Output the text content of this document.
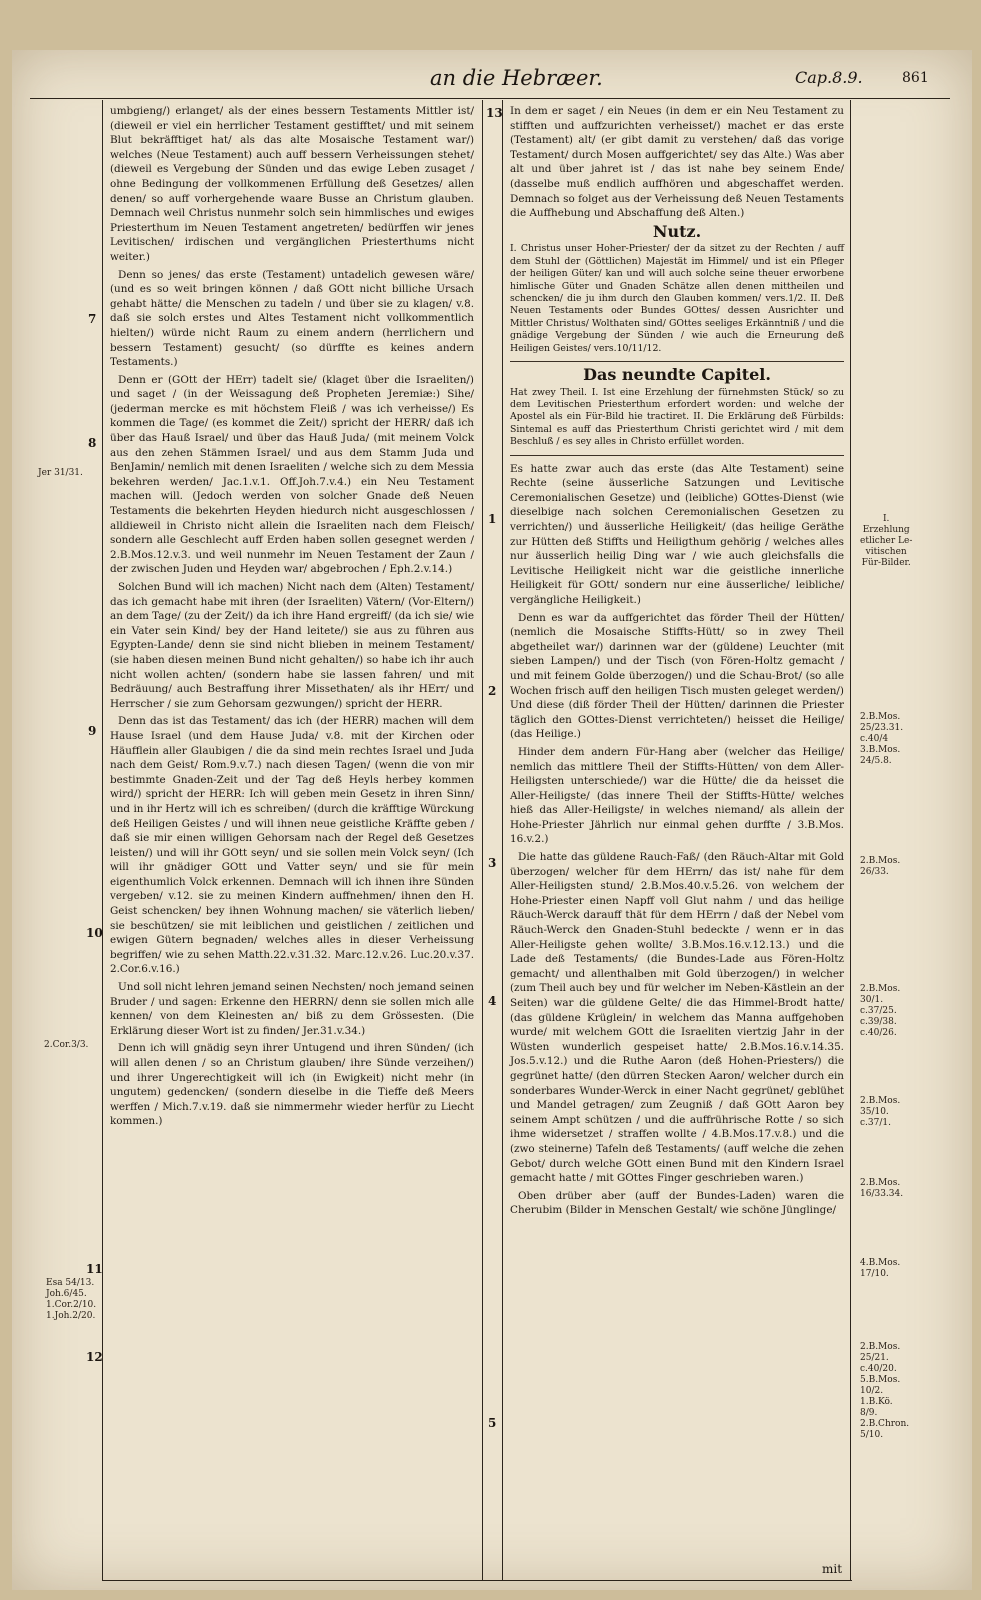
an die Hebræer.	Cap.8.9.	861
Jer 31/31.
2.Cor.3/3.
Esa 54/13.
Joh.6/45.
1.Cor.2/10.
1.Joh.2/20.
I.
Erzehlung
etlicher Le-
vitischen
Für-Bilder.
2.B.Mos.
25/23.31.
c.40/4
3.B.Mos.
24/5.8.
2.B.Mos.
26/33.
2.B.Mos.
30/1.
c.37/25.
c.39/38.
c.40/26.
2.B.Mos.
35/10.
c.37/1.
2.B.Mos.
16/33.34.
4.B.Mos.
17/10.
2.B.Mos.
25/21.
c.40/20.
5.B.Mos.
10/2.
1.B.Kö.
8/9.
2.B.Chron.
5/10.
7
8
9
10
11
12
13
1
2
3
4
5

umbgieng/) erlanget/ als der eines bessern Testaments Mittler ist/ (dieweil er viel ein herrlicher Testament gestifftet/ und mit seinem Blut bekräfftiget hat/ als das alte Mosaische Testament war/) welches (Neue Testament) auch auff bessern Verheissungen stehet/ (dieweil es Vergebung der Sünden und das ewige Leben zusaget / ohne Bedingung der vollkommenen Erfüllung deß Gesetzes/ allen denen/ so auff vorhergehende waare Busse an Christum glauben. Demnach weil Christus nunmehr solch sein himmlisches und ewiges Priesterthum im Neuen Testament angetreten/ bedürffen wir jenes Levitischen/ irdischen und vergänglichen Priesterthums nicht weiter.)

Denn so jenes/ das erste (Testament) untadelich gewesen wäre/ (und es so weit bringen können / daß GOtt nicht billiche Ursach gehabt hätte/ die Menschen zu tadeln / und über sie zu klagen/ v.8. daß sie solch erstes und Altes Testament nicht vollkommentlich hielten/) würde nicht Raum zu einem andern (herrlichern und bessern Testament) gesucht/ (so dürffte es keines andern Testaments.)

Denn er (GOtt der HErr) tadelt sie/ (klaget über die Israeliten/) und saget / (in der Weissagung deß Propheten Jeremiæ:) Sihe/ (jederman mercke es mit höchstem Fleiß / was ich verheisse/) Es kommen die Tage/ (es kommet die Zeit/) spricht der HERR/ daß ich über das Hauß Israel/ und über das Hauß Juda/ (mit meinem Volck aus den zehen Stämmen Israel/ und aus dem Stamm Juda und BenJamin/ nemlich mit denen Israeliten / welche sich zu dem Messia bekehren werden/ Jac.1.v.1. Off.Joh.7.v.4.) ein Neu Testament machen will. (Jedoch werden von solcher Gnade deß Neuen Testaments die bekehrten Heyden hiedurch nicht ausgeschlossen / alldieweil in Christo nicht allein die Israeliten nach dem Fleisch/ sondern alle Geschlecht auff Erden haben sollen gesegnet werden / 2.B.Mos.12.v.3. und weil nunmehr im Neuen Testament der Zaun / der zwischen Juden und Heyden war/ abgebrochen / Eph.2.v.14.)

Solchen Bund will ich machen) Nicht nach dem (Alten) Testament/ das ich gemacht habe mit ihren (der Israeliten) Vätern/ (Vor-Eltern/) an dem Tage/ (zu der Zeit/) da ich ihre Hand ergreiff/ (da ich sie/ wie ein Vater sein Kind/ bey der Hand leitete/) sie aus zu führen aus Egypten-Lande/ denn sie sind nicht blieben in meinem Testament/ (sie haben diesen meinen Bund nicht gehalten/) so habe ich ihr auch nicht wollen achten/ (sondern habe sie lassen fahren/ und mit Bedräuung/ auch Bestraffung ihrer Missethaten/ als ihr HErr/ und Herrscher / sie zum Gehorsam gezwungen/) spricht der HERR.

Denn das ist das Testament/ das ich (der HERR) machen will dem Hause Israel (und dem Hause Juda/ v.8. mit der Kirchen oder Häufflein aller Glaubigen / die da sind mein rechtes Israel und Juda nach dem Geist/ Rom.9.v.7.) nach diesen Tagen/ (wenn die von mir bestimmte Gnaden-Zeit und der Tag deß Heyls herbey kommen wird/) spricht der HERR: Ich will geben mein Gesetz in ihren Sinn/ und in ihr Hertz will ich es schreiben/ (durch die kräfftige Würckung deß Heiligen Geistes / und will ihnen neue geistliche Kräffte geben / daß sie mir einen willigen Gehorsam nach der Regel deß Gesetzes leisten/) und will ihr GOtt seyn/ und sie sollen mein Volck seyn/ (Ich will ihr gnädiger GOtt und Vatter seyn/ und sie für mein eigenthumlich Volck erkennen. Demnach will ich ihnen ihre Sünden vergeben/ v.12. sie zu meinen Kindern auffnehmen/ ihnen den H. Geist schencken/ bey ihnen Wohnung machen/ sie väterlich lieben/ sie beschützen/ sie mit leiblichen und geistlichen / zeitlichen und ewigen Gütern begnaden/ welches alles in dieser Verheissung begriffen/ wie zu sehen Matth.22.v.31.32. Marc.12.v.26. Luc.20.v.37. 2.Cor.6.v.16.)

Und soll nicht lehren jemand seinen Nechsten/ noch jemand seinen Bruder / und sagen: Erkenne den HERRN/ denn sie sollen mich alle kennen/ von dem Kleinesten an/ biß zu dem Grössesten. (Die Erklärung dieser Wort ist zu finden/ Jer.31.v.34.)

Denn ich will gnädig seyn ihrer Untugend und ihren Sünden/ (ich will allen denen / so an Christum glauben/ ihre Sünde verzeihen/) und ihrer Ungerechtigkeit will ich (in Ewigkeit) nicht mehr (in ungutem) gedencken/ (sondern dieselbe in die Tieffe deß Meers werffen / Mich.7.v.19. daß sie nimmermehr wieder herfür zu Liecht kommen.)

In dem er saget / ein Neues (in dem er ein Neu Testament zu stifften und auffzurichten verheisset/) machet er das erste (Testament) alt/ (er gibt damit zu verstehen/ daß das vorige Testament/ durch Mosen auffgerichtet/ sey das Alte.) Was aber alt und über jahret ist / das ist nahe bey seinem Ende/ (dasselbe muß endlich auffhören und abgeschaffet werden. Demnach so folget aus der Verheissung deß Neuen Testaments die Auffhebung und Abschaffung deß Alten.)

Nutz.

I. Christus unser Hoher-Priester/ der da sitzet zu der Rechten / auff dem Stuhl der (Göttlichen) Majestät im Himmel/ und ist ein Pfleger der heiligen Güter/ kan und will auch solche seine theuer erworbene himlische Güter und Gnaden Schätze allen denen mittheilen und schencken/ die ju ihm durch den Glauben kommen/ vers.1/2. II. Deß Neuen Testaments oder Bundes GOttes/ dessen Ausrichter und Mittler Christus/ Wolthaten sind/ GOttes seeliges Erkänntniß / und die gnädige Vergebung der Sünden / wie auch die Erneurung deß Heiligen Geistes/ vers.10/11/12.

Das neundte Capitel.

Hat zwey Theil. I. Ist eine Erzehlung der fürnehmsten Stück/ so zu dem Levitischen Priesterthum erfordert worden: und welche der Apostel als ein Für-Bild hie tractiret. II. Die Erklärung deß Fürbilds: Sintemal es auff das Priesterthum Christi gerichtet wird / mit dem Beschluß / es sey alles in Christo erfüllet worden.

Es hatte zwar auch das erste (das Alte Testament) seine Rechte (seine äusserliche Satzungen und Levitische Ceremonialischen Gesetze) und (leibliche) GOttes-Dienst (wie dieselbige nach solchen Ceremonialischen Gesetzen zu verrichten/) und äusserliche Heiligkeit/ (das heilige Geräthe zur Hütten deß Stiffts und Heiligthum gehörig / welches alles nur äusserlich heilig Ding war / wie auch gleichsfalls die Levitische Heiligkeit nicht war die geistliche innerliche Heiligkeit für GOtt/ sondern nur eine äusserliche/ leibliche/ vergängliche Heiligkeit.)

Denn es war da auffgerichtet das förder Theil der Hütten/ (nemlich die Mosaische Stiffts-Hütt/ so in zwey Theil abgetheilet war/) darinnen war der (güldene) Leuchter (mit sieben Lampen/) und der Tisch (von Fören-Holtz gemacht / und mit feinem Golde überzogen/) und die Schau-Brot/ (so alle Wochen frisch auff den heiligen Tisch musten geleget werden/) Und diese (diß förder Theil der Hütten/ darinnen die Priester täglich den GOttes-Dienst verrichteten/) heisset die Heilige/ (das Heilige.)

Hinder dem andern Für-Hang aber (welcher das Heilige/ nemlich das mittlere Theil der Stiffts-Hütten/ von dem Aller-Heiligsten unterschiede/) war die Hütte/ die da heisset die Aller-Heiligste/ (das innere Theil der Stiffts-Hütte/ welches hieß das Aller-Heiligste/ in welches niemand/ als allein der Hohe-Priester Jährlich nur einmal gehen durffte / 3.B.Mos. 16.v.2.)

Die hatte das güldene Rauch-Faß/ (den Räuch-Altar mit Gold überzogen/ welcher für dem HErrn/ das ist/ nahe für dem Aller-Heiligsten stund/ 2.B.Mos.40.v.5.26. von welchem der Hohe-Priester einen Napff voll Glut nahm / und das heilige Räuch-Werck darauff thät für dem HErrn / daß der Nebel vom Räuch-Werck den Gnaden-Stuhl bedeckte / wenn er in das Aller-Heiligste gehen wollte/ 3.B.Mos.16.v.12.13.) und die Lade deß Testaments/ (die Bundes-Lade aus Fören-Holtz gemacht/ und allenthalben mit Gold überzogen/) in welcher (zum Theil auch bey und für welcher im Neben-Kästlein an der Seiten) war die güldene Gelte/ die das Himmel-Brodt hatte/ (das güldene Krüglein/ in welchem das Manna auffgehoben wurde/ mit welchem GOtt die Israeliten viertzig Jahr in der Wüsten wunderlich gespeiset hatte/ 2.B.Mos.16.v.14.35. Jos.5.v.12.) und die Ruthe Aaron (deß Hohen-Priesters/) die gegrünet hatte/ (den dürren Stecken Aaron/ welcher durch ein sonderbares Wunder-Werck in einer Nacht gegrünet/ geblühet und Mandel getragen/ zum Zeugniß / daß GOtt Aaron bey seinem Ampt schützen / und die auffrührische Rotte / so sich ihme widersetzet / straffen wollte / 4.B.Mos.17.v.8.) und die (zwo steinerne) Tafeln deß Testaments/ (auff welche die zehen Gebot/ durch welche GOtt einen Bund mit den Kindern Israel gemacht hatte / mit GOttes Finger geschrieben waren.)

Oben drüber aber (auff der Bundes-Laden) waren die Cherubim (Bilder in Menschen Gestalt/ wie schöne Jünglinge/

mit
